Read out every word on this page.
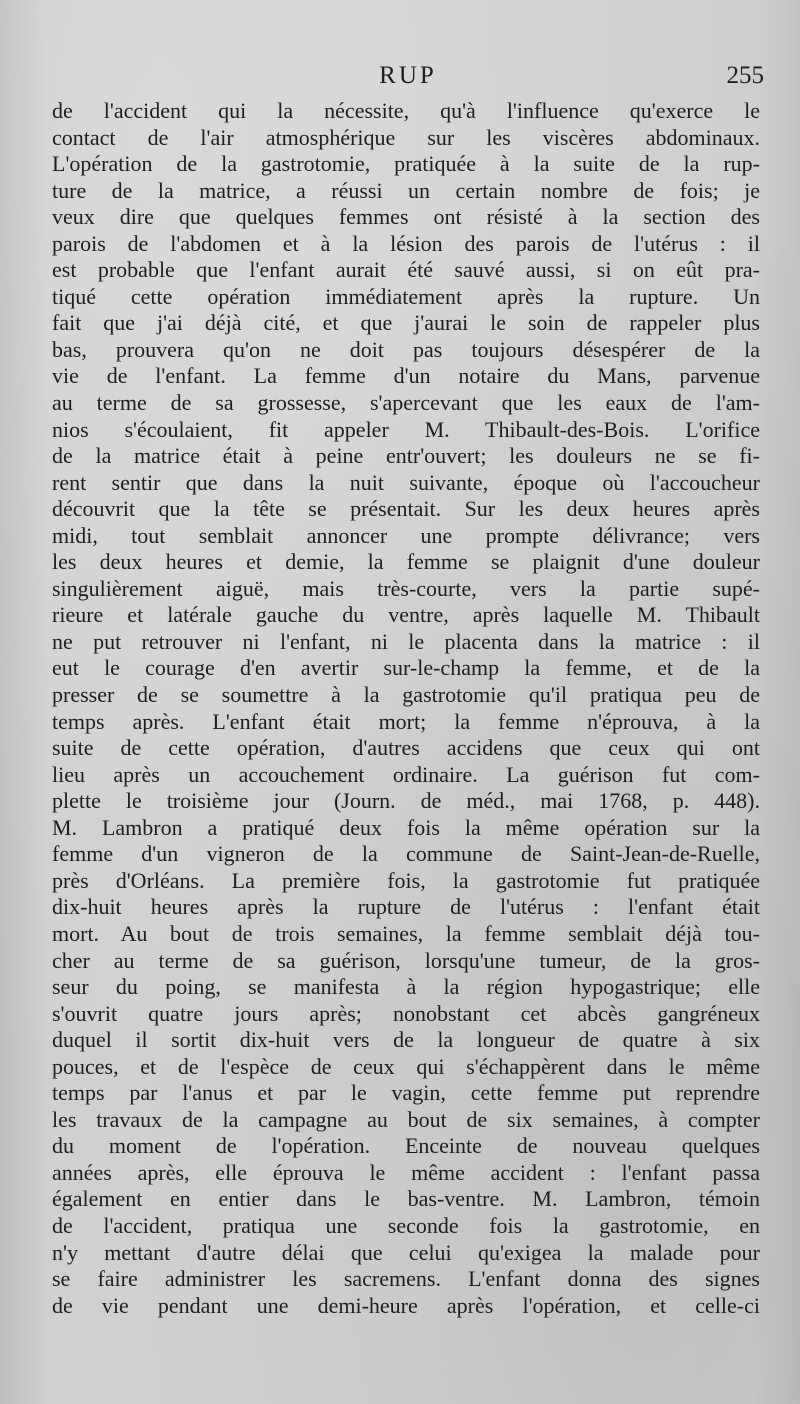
RUP	255
de l'accident qui la nécessite, qu'à l'influence qu'exerce le
contact de l'air atmosphérique sur les viscères abdominaux.
L'opération de la gastrotomie, pratiquée à la suite de la rup-
ture de la matrice, a réussi un certain nombre de fois; je
veux dire que quelques femmes ont résisté à la section des
parois de l'abdomen et à la lésion des parois de l'utérus : il
est probable que l'enfant aurait été sauvé aussi, si on eût pra-
tiqué cette opération immédiatement après la rupture. Un
fait que j'ai déjà cité, et que j'aurai le soin de rappeler plus
bas, prouvera qu'on ne doit pas toujours désespérer de la
vie de l'enfant. La femme d'un notaire du Mans, parvenue
au terme de sa grossesse, s'apercevant que les eaux de l'am-
nios s'écoulaient, fit appeler M. Thibault-des-Bois. L'orifice
de la matrice était à peine entr'ouvert; les douleurs ne se fi-
rent sentir que dans la nuit suivante, époque où l'accoucheur
découvrit que la tête se présentait. Sur les deux heures après
midi, tout semblait annoncer une prompte délivrance; vers
les deux heures et demie, la femme se plaignit d'une douleur
singulièrement aiguë, mais très-courte, vers la partie supé-
rieure et latérale gauche du ventre, après laquelle M. Thibault
ne put retrouver ni l'enfant, ni le placenta dans la matrice : il
eut le courage d'en avertir sur-le-champ la femme, et de la
presser de se soumettre à la gastrotomie qu'il pratiqua peu de
temps après. L'enfant était mort; la femme n'éprouva, à la
suite de cette opération, d'autres accidens que ceux qui ont
lieu après un accouchement ordinaire. La guérison fut com-
plette le troisième jour (Journ. de méd., mai 1768, p. 448).
M. Lambron a pratiqué deux fois la même opération sur la
femme d'un vigneron de la commune de Saint-Jean-de-Ruelle,
près d'Orléans. La première fois, la gastrotomie fut pratiquée
dix-huit heures après la rupture de l'utérus : l'enfant était
mort. Au bout de trois semaines, la femme semblait déjà tou-
cher au terme de sa guérison, lorsqu'une tumeur, de la gros-
seur du poing, se manifesta à la région hypogastrique; elle
s'ouvrit quatre jours après; nonobstant cet abcès gangréneux
duquel il sortit dix-huit vers de la longueur de quatre à six
pouces, et de l'espèce de ceux qui s'échappèrent dans le même
temps par l'anus et par le vagin, cette femme put reprendre
les travaux de la campagne au bout de six semaines, à compter
du moment de l'opération. Enceinte de nouveau quelques
années après, elle éprouva le même accident : l'enfant passa
également en entier dans le bas-ventre. M. Lambron, témoin
de l'accident, pratiqua une seconde fois la gastrotomie, en
n'y mettant d'autre délai que celui qu'exigea la malade pour
se faire administrer les sacremens. L'enfant donna des signes
de vie pendant une demi-heure après l'opération, et celle-ci
